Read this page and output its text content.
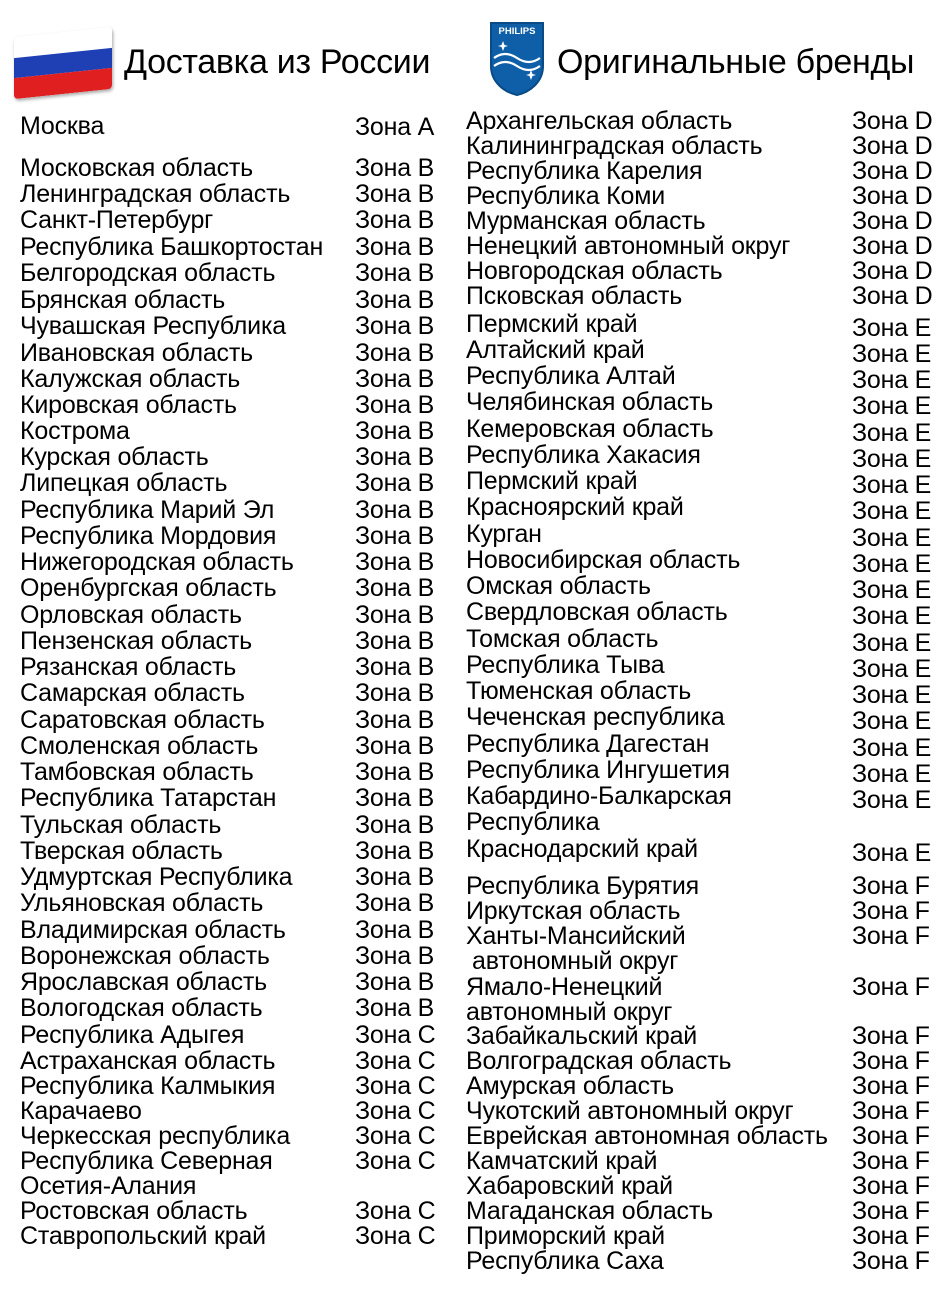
Доставка из России
PHILIPS
Оригинальные бренды
Москва	Зона А
Московская область	Зона B
Ленинградская область	Зона B
Санкт-Петербург	Зона B
Республика Башкортостан Зона B
Белгородская область	Зона B
Брянская область	Зона B
Чувашская Республика	Зона B
Ивановская область	Зона B
Калужская область	Зона B
Кировская область	Зона B
Кострома	Зона B
Курская область	Зона B
Липецкая область	Зона B
Республика Марий Эл	Зона B
Республика Мордовия	Зона B
Нижегородская область Зона B
Оренбургская область	Зона B
Орловская область	Зона B
Пензенская область	Зона B
Рязанская область	Зона B
Самарская область	Зона B
Саратовская область	Зона B
Смоленская область	Зона B
Тамбовская область	Зона B
Республика Татарстан	Зона B
Тульская область	Зона B
Тверская область	Зона B
Удмуртская Республика	Зона B
Ульяновская область	Зона B
Владимирская область	Зона B
Воронежская область	Зона B
Ярославская область	Зона B
Вологодская область	Зона B
Республика Адыгея	Зона C
Астраханская область	Зона C
Республика Калмыкия	Зона C
Карачаево	Зона C
Черкесская республика	Зона C
Республика Северная	Зона C
Осетия-Алания
Ростовская область	Зона C
Ставропольский край	Зона C
Архангельская область	Зона D
Калининградская область	Зона D
Республика Карелия	Зона D
Республика Коми	Зона D
Мурманская область	Зона D
Ненецкий автономный округ Зона D
Новгородская область	Зона D
Псковская область	Зона D
Пермский край	Зона E
Алтайский край	Зона E
Республика Алтай	Зона E
Челябинская область	Зона E
Кемеровская область	Зона E
Республика Хакасия	Зона E
Пермский край	Зона E
Красноярский край	Зона E
Курган	Зона E
Новосибирская область	Зона E
Омская область	Зона E
Свердловская область	Зона E
Томская область	Зона E
Республика Тыва	Зона E
Тюменская область	Зона E
Чеченская республика	Зона E
Республика Дагестан	Зона E
Республика Ингушетия	Зона E
Кабардино-Балкарская	Зона E
Республика
Краснодарский край	Зона E
Республика Бурятия	Зона F
Иркутская область	Зона F
Ханты-Мансийский	Зона F
автономный округ
Ямало-Ненецкий	Зона F
автономный округ
Забайкальский край	Зона F
Волгоградская область	Зона F
Амурская область	Зона F
Чукотский автономный округ Зона F
Еврейская автономная область Зона F
Камчатский край	Зона F
Хабаровский край	Зона F
Магаданская область	Зона F
Приморский край	Зона F
Республика Саха	Зона F
